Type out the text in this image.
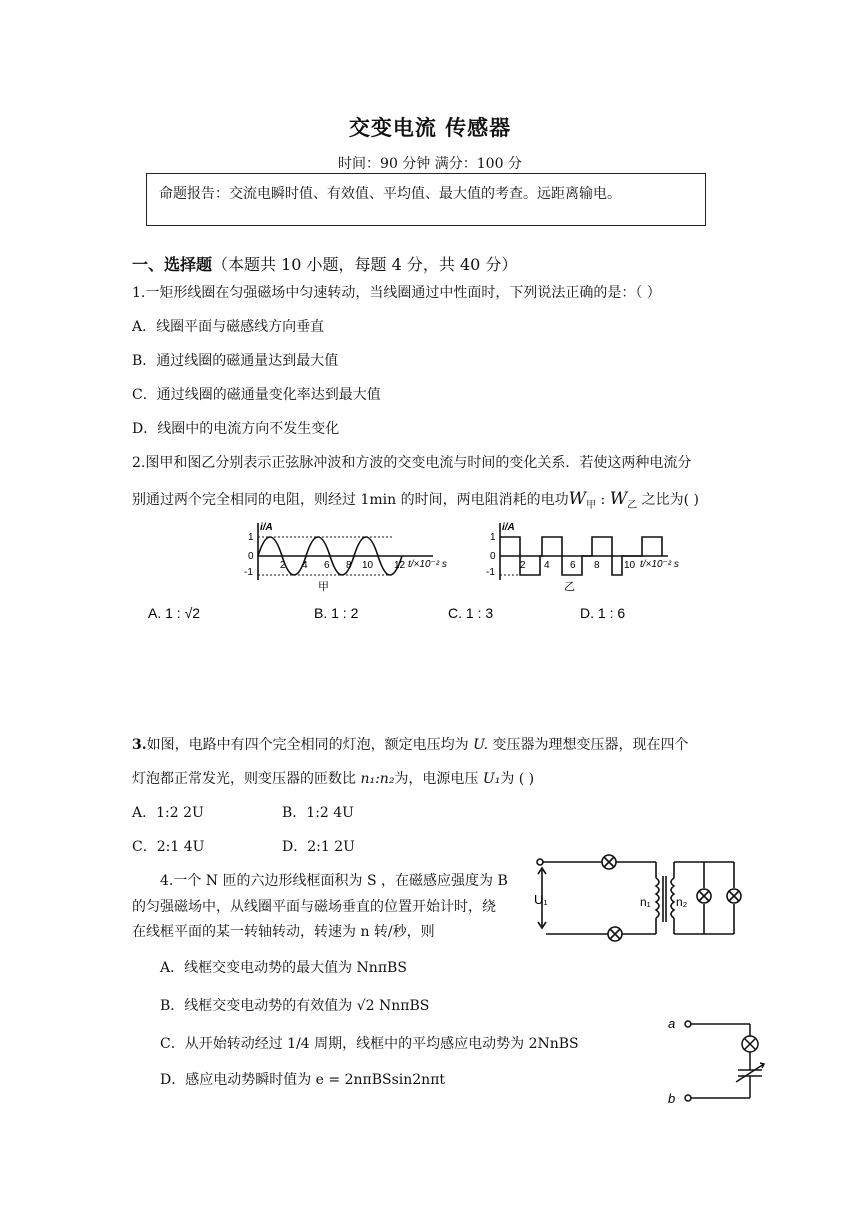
交变电流 传感器
时间：90 分钟 满分：100 分
命题报告：交流电瞬时值、有效值、平均值、最大值的考查。远距离输电。
一、选择题（本题共 10 小题，每题 4 分，共 40 分）
1.一矩形线圈在匀强磁场中匀速转动，当线圈通过中性面时，下列说法正确的是：（ ）
A．线圈平面与磁感线方向垂直
B．通过线圈的磁通量达到最大值
C．通过线圈的磁通量变化率达到最大值
D．线圈中的电流方向不发生变化
2.图甲和图乙分别表示正弦脉冲波和方波的交变电流与时间的变化关系．若使这两种电流分
别通过两个完全相同的电阻，则经过 1min 的时间，两电阻消耗的电功$W_甲$ : $W_乙$ 之比为( )
i/A
1
0
-1
2 4 6 8 10 12 t/×10⁻² s
甲
i/A
1
0
-1
2 4 6 8 10 t/×10⁻² s
乙
A. 1 : √2	B. 1 : 2	C. 1 : 3	D. 1 : 6
3.如图，电路中有四个完全相同的灯泡，额定电压均为 U. 变压器为理想变压器，现在四个
灯泡都正常发光，则变压器的匝数比 n₁:n₂为，电源电压 U₁为 ( )
A．1:2 2U	B．1:2 4U
C．2:1 4U	D．2:1 2U
U₁	n₁ n₂
4.一个 N 匝的六边形线框面积为 S ，在磁感应强度为 B
的匀强磁场中，从线圈平面与磁场垂直的位置开始计时，绕
在线框平面的某一转轴转动，转速为 n 转/秒，则
A．线框交变电动势的最大值为 NnπBS
B．线框交变电动势的有效值为 √2 NnπBS
C．从开始转动经过 1/4 周期，线框中的平均感应电动势为 2NnBS
D．感应电动势瞬时值为 e = 2nπBSsin2nπt
a
b
